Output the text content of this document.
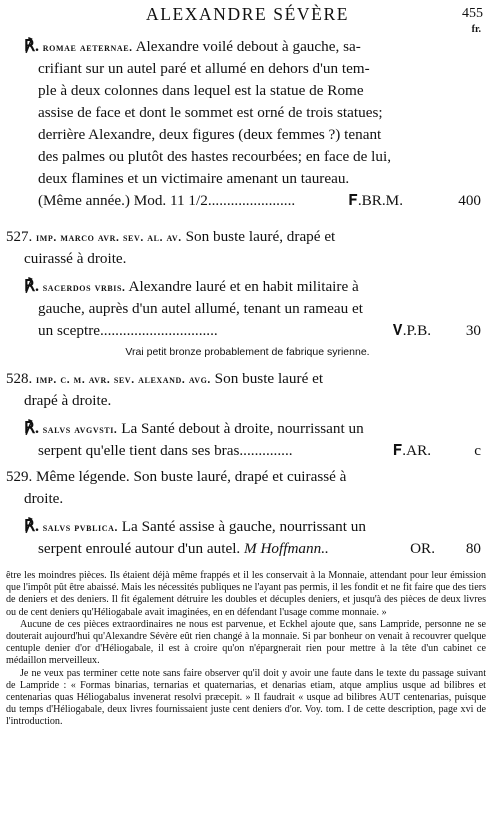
ALEXANDRE SÉVÈRE	455
fr.
℟. romae aeternae. Alexandre voilé debout à gauche, sa-
crifiant sur un autel paré et allumé en dehors d'un tem-
ple à deux colonnes dans lequel est la statue de Rome
assise de face et dont le sommet est orné de trois statues;
derrière Alexandre, deux figures (deux femmes ?) tenant
des palmes ou plutôt des hastes recourbées; en face de lui,
deux flamines et un victimaire amenant un taureau.
(Même année.) Mod. 11 1/2.......................	𝐅.BR.M.	400
527. imp. marco avr. sev. al. av. Son buste lauré, drapé et
cuirassé à droite.
℟. sacerdos vrbis. Alexandre lauré et en habit militaire à
gauche, auprès d'un autel allumé, tenant un rameau et
un sceptre...............................	𝐕.P.B. 30
Vrai petit bronze probablement de fabrique syrienne.
528. imp. c. m. avr. sev. alexand. avg. Son buste lauré et
drapé à droite.
℟. salvs avgvsti. La Santé debout à droite, nourrissant un
serpent qu'elle tient dans ses bras..............	𝐅.AR.	c
529. Même légende. Son buste lauré, drapé et cuirassé à
droite.
℟. salvs pvblica. La Santé assise à gauche, nourrissant un
serpent enroulé autour d'un autel. M Hoffmann..	OR. 80

être les moindres pièces. Ils étaient déjà même frappés et il les conservait à la Monnaie, attendant pour leur émission que l'impôt pût être abaissé. Mais les nécessités publiques ne l'ayant pas permis, il les fondit et ne fit faire que des tiers de deniers et des deniers. Il fit également détruire les doubles et décuples deniers, et jusqu'à des pièces de deux livres ou de cent deniers qu'Héliogabale avait imaginées, en en défendant l'usage comme monnaie. »

Aucune de ces pièces extraordinaires ne nous est parvenue, et Eckhel ajoute que, sans Lampride, personne ne se douterait aujourd'hui qu'Alexandre Sévère eût rien changé à la monnaie. Si par bonheur on venait à recouvrer quelque centuple denier d'or d'Héliogabale, il est à croire qu'on n'épargnerait rien pour mettre à la tête d'un cabinet ce médaillon merveilleux.

Je ne veux pas terminer cette note sans faire observer qu'il doit y avoir une faute dans le texte du passage suivant de Lampride : « Formas binarias, ternarias et quaternarias, et denarias etiam, atque amplius usque ad bilibres et centenarias quas Héliogabalus invenerat resolvi præcepit. » Il faudrait « usque ad bilibres AUT centenarias, puisque du temps d'Héliogabale, deux livres fournissaient juste cent deniers d'or. Voy. tom. I de cette description, page xvi de l'introduction.
